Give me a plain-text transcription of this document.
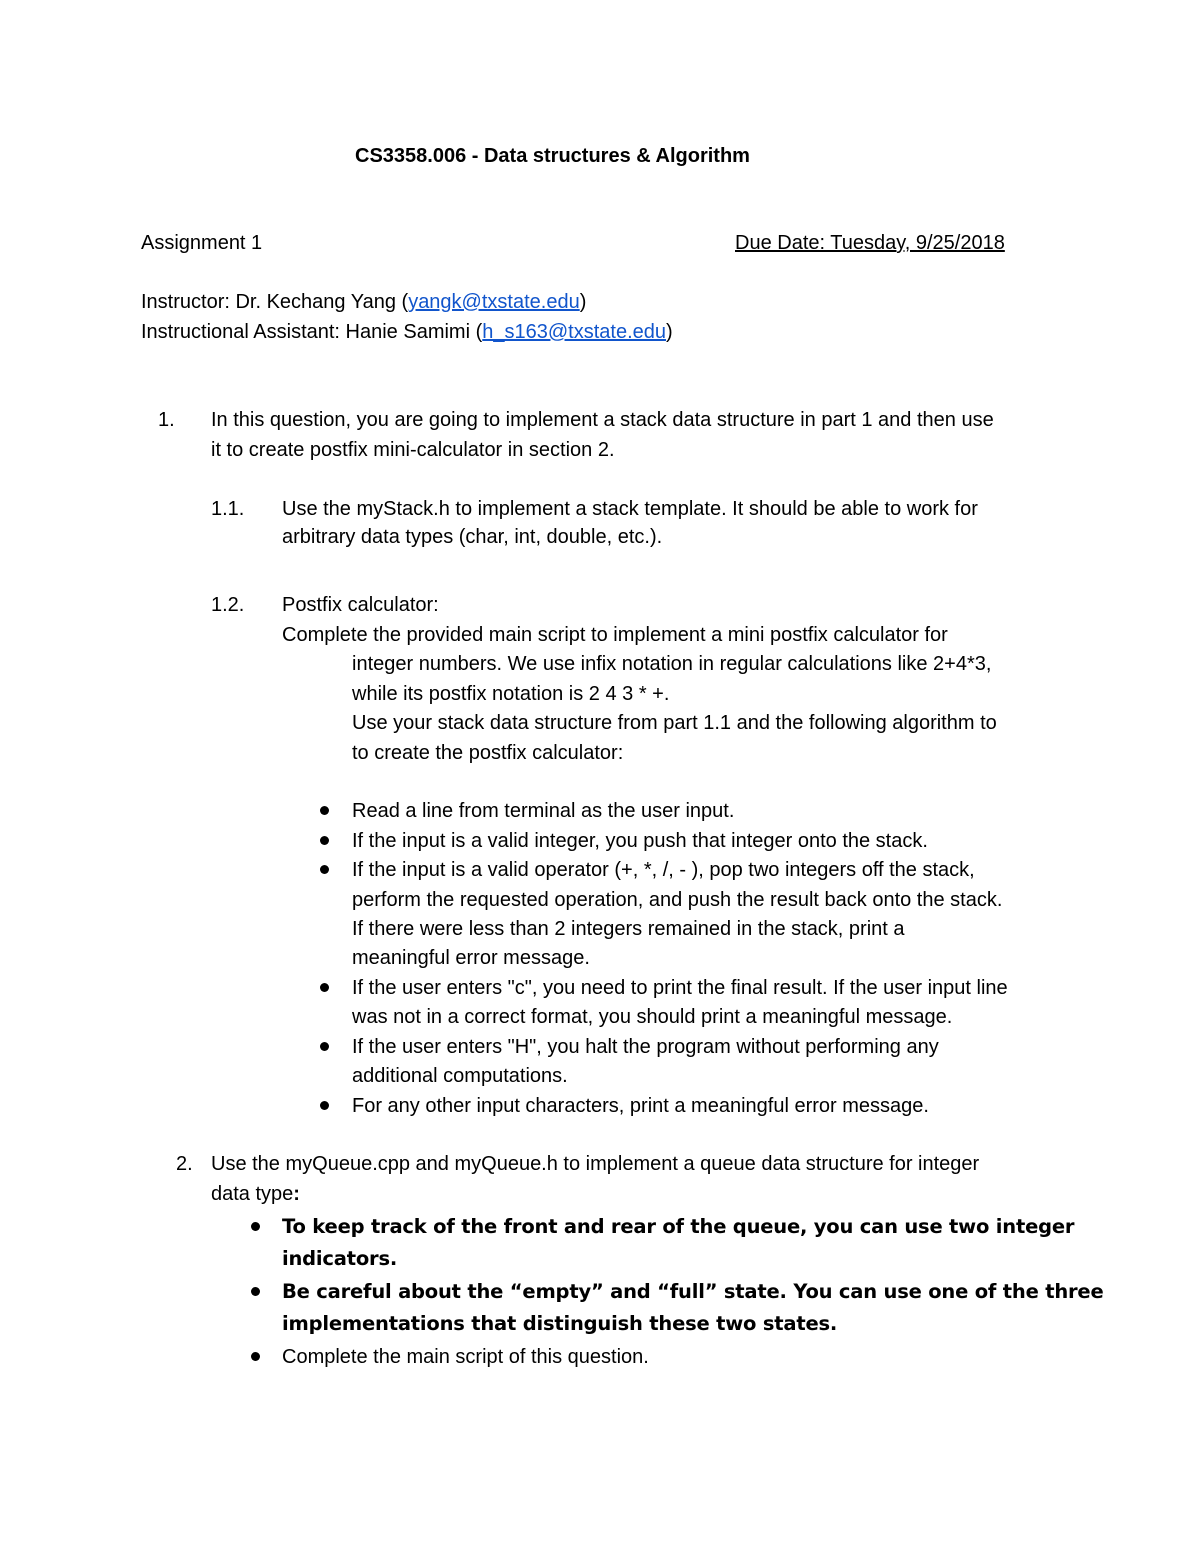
CS3358.006 - Data structures & Algorithm
Assignment 1	Due Date: Tuesday, 9/25/2018
Instructor: Dr. Kechang Yang (yangk@txstate.edu)
Instructional Assistant: Hanie Samimi (h_s163@txstate.edu)
1. In this question, you are going to implement a stack data structure in part 1 and then use
it to create postfix mini-calculator in section 2.
1.1. Use the myStack.h to implement a stack template. It should be able to work for
arbitrary data types (char, int, double, etc.).
1.2. Postfix calculator:
Complete the provided main script to implement a mini postfix calculator for
integer numbers. We use infix notation in regular calculations like 2+4*3,
while its postfix notation is 2 4 3 * +.
Use your stack data structure from part 1.1 and the following algorithm to
to create the postfix calculator:
Read a line from terminal as the user input.
If the input is a valid integer, you push that integer onto the stack.
If the input is a valid operator (+, *, /, - ), pop two integers off the stack,
perform the requested operation, and push the result back onto the stack.
If there were less than 2 integers remained in the stack, print a
meaningful error message.
If the user enters "c", you need to print the final result. If the user input line
was not in a correct format, you should print a meaningful message.
If the user enters "H", you halt the program without performing any
additional computations.
For any other input characters, print a meaningful error message.
2. Use the myQueue.cpp and myQueue.h to implement a queue data structure for integer
data type:
To keep track of the front and rear of the queue, you can use two integer
indicators.
Be careful about the “empty” and “full” state. You can use one of the three
implementations that distinguish these two states.
Complete the main script of this question.
